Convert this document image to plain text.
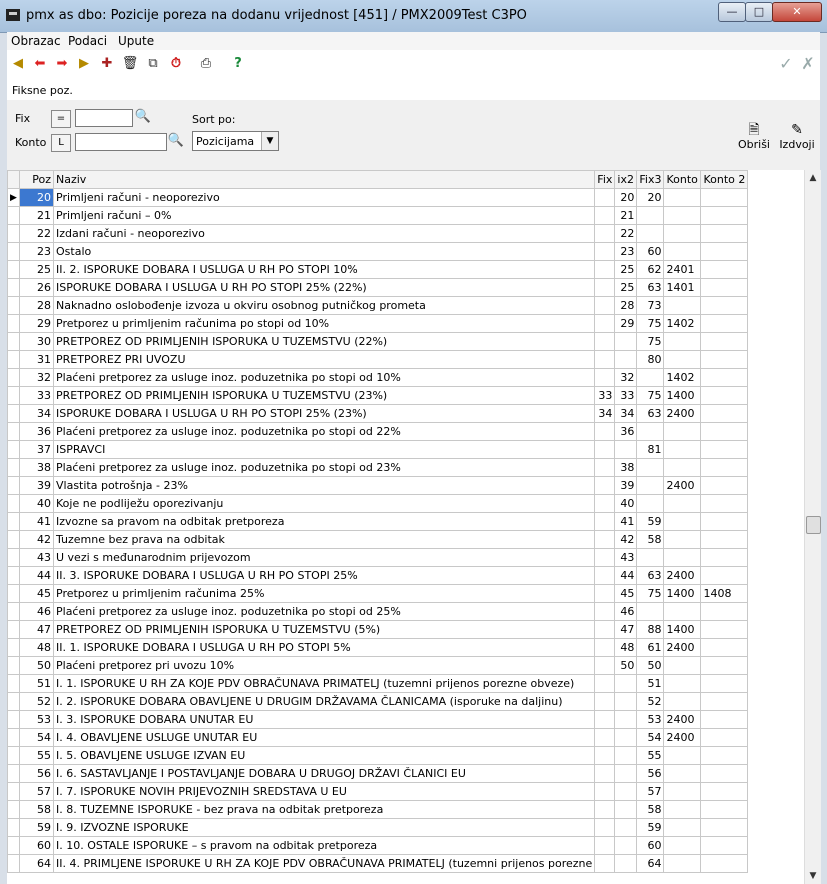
pmx as dbo: Pozicije poreza na dodanu vrijednost [451] / PMX2009Test C3PO	—	□	✕
Obrazac Podaci Upute
◀ ⬅ ➡ ▶ ✚ 🗑 ⧉	⏱	⎙	?	✓ ✗
Fiksne poz.
Fix	=	🔍
Konto	L	🔍
Sort po:
Pozicijama	▼
🗎
Obriši
✎
Izdvoji
	Poz	Naziv	Fix	ix2	Fix3	Konto	Konto 2
▶	20	Primljeni računi - neoporezivo		20	20		
	21	Primljeni računi – 0%		21			
	22	Izdani računi - neoporezivo		22			
	23	Ostalo		23	60		
	25	II. 2. ISPORUKE DOBARA I USLUGA U RH PO STOPI 10%		25	62	2401	
	26	ISPORUKE DOBARA I USLUGA U RH PO STOPI 25% (22%)		25	63	1401	
	28	Naknadno oslobođenje izvoza u okviru osobnog putničkog prometa		28	73		
	29	Pretporez u primljenim računima po stopi od 10%		29	75	1402	
	30	PRETPOREZ OD PRIMLJENIH ISPORUKA U TUZEMSTVU (22%)			75		
	31	PRETPOREZ PRI UVOZU			80		
	32	Plaćeni pretporez za usluge inoz. poduzetnika po stopi od 10%		32		1402	
	33	PRETPOREZ OD PRIMLJENIH ISPORUKA U TUZEMSTVU (23%)	33	33	75	1400	
	34	ISPORUKE DOBARA I USLUGA U RH PO STOPI 25% (23%)	34	34	63	2400	
	36	Plaćeni pretporez za usluge inoz. poduzetnika po stopi od 22%		36			
	37	ISPRAVCI			81		
	38	Plaćeni pretporez za usluge inoz. poduzetnika po stopi od 23%		38			
	39	Vlastita potrošnja - 23%		39		2400	
	40	Koje ne podliježu oporezivanju		40			
	41	Izvozne sa pravom na odbitak pretporeza		41	59		
	42	Tuzemne bez prava na odbitak		42	58		
	43	U vezi s međunarodnim prijevozom		43			
	44	II. 3. ISPORUKE DOBARA I USLUGA U RH PO STOPI 25%		44	63	2400	
	45	Pretporez u primljenim računima 25%		45	75	1400	1408
	46	Plaćeni pretporez za usluge inoz. poduzetnika po stopi od 25%		46			
	47	PRETPOREZ OD PRIMLJENIH ISPORUKA U TUZEMSTVU (5%)		47	88	1400	
	48	II. 1. ISPORUKE DOBARA I USLUGA U RH PO STOPI 5%		48	61	2400	
	50	Plaćeni pretporez pri uvozu 10%		50	50		
	51	I. 1. ISPORUKE U RH ZA KOJE PDV OBRAČUNAVA PRIMATELJ (tuzemni prijenos porezne obveze)			51		
	52	I. 2. ISPORUKE DOBARA OBAVLJENE U DRUGIM DRŽAVAMA ČLANICAMA (isporuke na daljinu)			52		
	53	I. 3. ISPORUKE DOBARA UNUTAR EU			53	2400	
	54	I. 4. OBAVLJENE USLUGE UNUTAR EU			54	2400	
	55	I. 5. OBAVLJENE USLUGE IZVAN EU			55		
	56	I. 6. SASTAVLJANJE I POSTAVLJANJE DOBARA U DRUGOJ DRŽAVI ČLANICI EU			56		
	57	I. 7. ISPORUKE NOVIH PRIJEVOZNIH SREDSTAVA U EU			57		
	58	I. 8. TUZEMNE ISPORUKE - bez prava na odbitak pretporeza			58		
	59	I. 9. IZVOZNE ISPORUKE			59		
	60	I. 10. OSTALE ISPORUKE – s pravom na odbitak pretporeza			60		
	64	II. 4. PRIMLJENE ISPORUKE U RH ZA KOJE PDV OBRAČUNAVA PRIMATELJ (tuzemni prijenos porezne			64		
▲
▼
